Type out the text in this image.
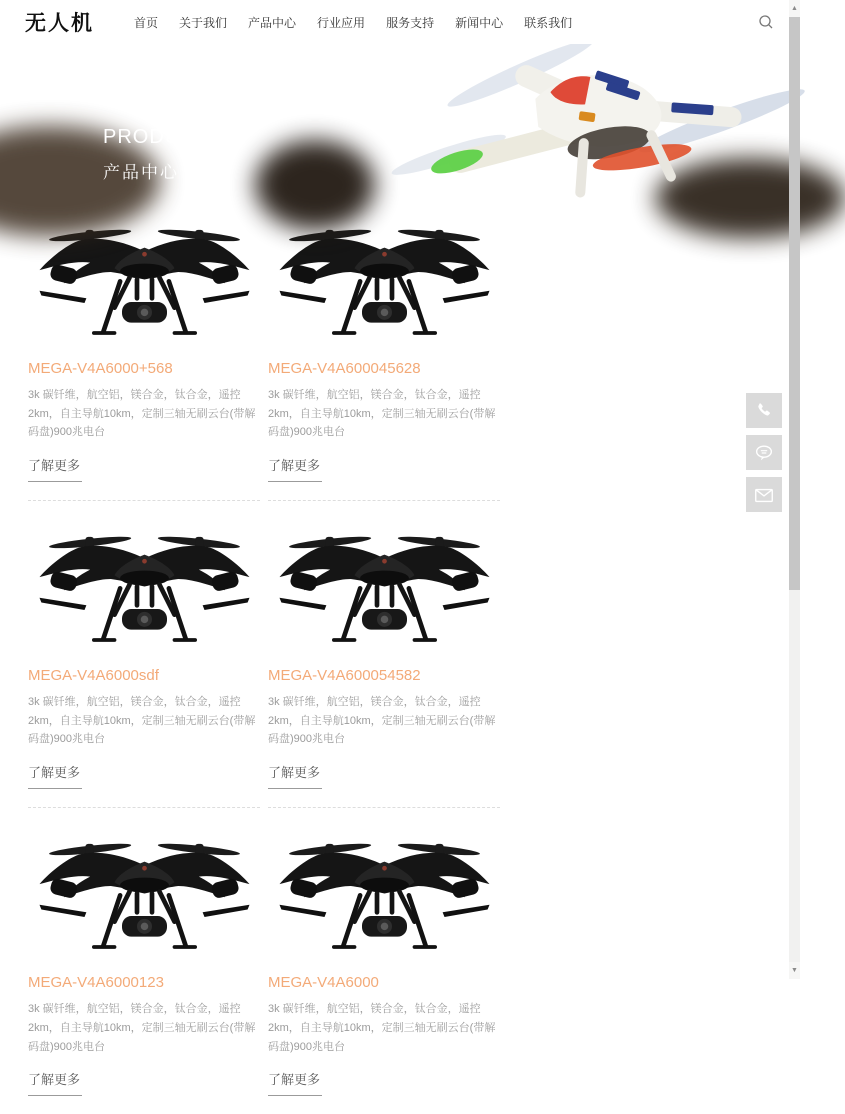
无人机	首页 关于我们 产品中心 行业应用 服务支持 新闻中心 联系我们
PRODUCTS
产品中心
MEGA-V4A6000+568
3k 碳钎维，航空铝，镁合金，钛合金，遥控2km，自主导航10km，定制三轴无刷云台(带解码盘)900兆电台
了解更多
MEGA-V4A600045628
3k 碳钎维，航空铝，镁合金，钛合金，遥控2km，自主导航10km，定制三轴无刷云台(带解码盘)900兆电台
了解更多
MEGA-V4A6000sdf
3k 碳钎维，航空铝，镁合金，钛合金，遥控2km，自主导航10km，定制三轴无刷云台(带解码盘)900兆电台
了解更多
MEGA-V4A600054582
3k 碳钎维，航空铝，镁合金，钛合金，遥控2km，自主导航10km，定制三轴无刷云台(带解码盘)900兆电台
了解更多
MEGA-V4A6000123
3k 碳钎维，航空铝，镁合金，钛合金，遥控2km，自主导航10km，定制三轴无刷云台(带解码盘)900兆电台
了解更多
MEGA-V4A6000
3k 碳钎维，航空铝，镁合金，钛合金，遥控2km，自主导航10km，定制三轴无刷云台(带解码盘)900兆电台
了解更多
▲
▼
